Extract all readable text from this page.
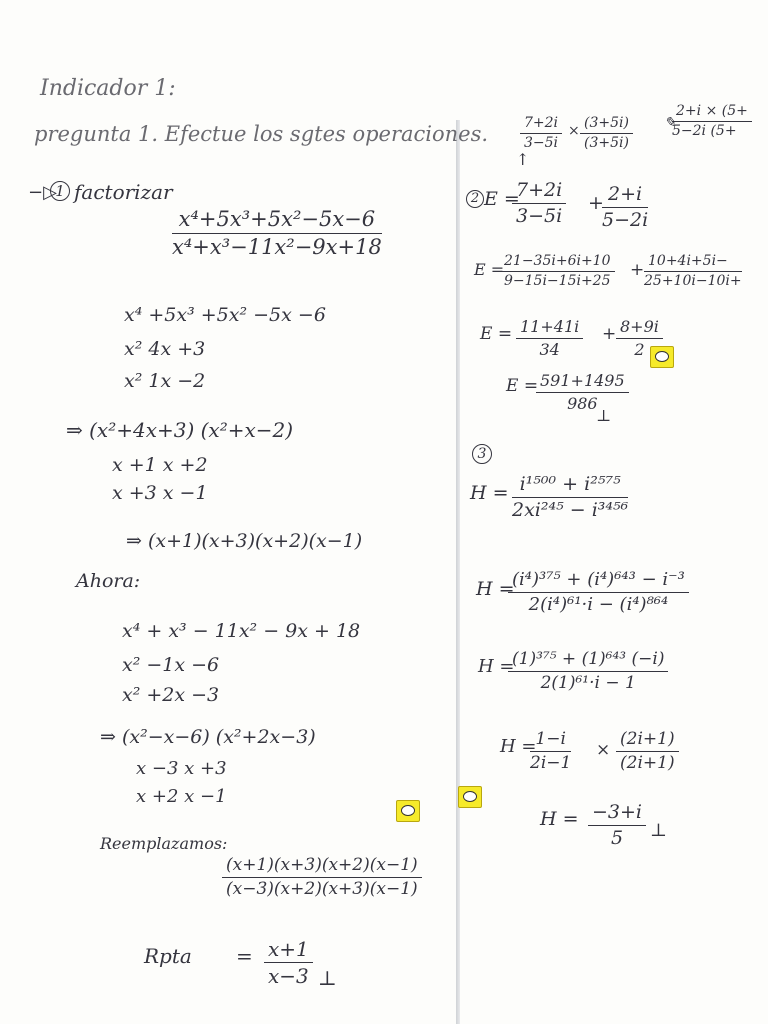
Indicador 1:
pregunta 1. Efectue los sgtes operaciones.
−▷
1 factorizar
$\frac{\text{x⁴+5x³+5x²−5x−6}}{\text{x⁴+x³−11x²−9x+18}}$
x⁴ +5x³ +5x² −5x −6
x² 4x +3
x² 1x −2
⇒ (x²+4x+3) (x²+x−2)
x +1 x +2
x +3 x −1
⇒ (x+1)(x+3)(x+2)(x−1)
Ahora:
x⁴ + x³ − 11x² − 9x + 18
x² −1x −6
x² +2x −3
⇒ (x²−x−6) (x²+2x−3)
x −3 x +3
x +2 x −1
Reemplazamos:
$\frac{(x+1)(x+3)(x+2)(x-1)}{(x-3)(x+2)(x+3)(x-1)}$
Rpta = $\frac{x+1}{x-3}$ ⊥
$\frac{7+2i}{3-5i} \times \frac{(3+5i)}{(3+5i)}$	$\frac{2+i \times (5+}{5-2i (5+}$
↑
✎
2 E =
$\frac{7+2i}{3-5i}$ +
$\frac{2+i}{5-2i}$
E =
$\frac{21-35i+6i+10}{9-15i-15i+25} + \frac{10+4i+5i-}{25+10i-10i+}$
$E = \frac{11+41i}{34} + \frac{8+9i}{2}$
E =
$\frac{591+1495}{986}$
⊥
3
$H = \frac{\text{i¹⁵⁰⁰ + i²⁵⁷⁵}}{\text{2xi²⁴⁵ − i³⁴⁵⁶}}$
H =
$\frac{\text{(i⁴)³⁷⁵ + (i⁴)⁶⁴³ − i⁻³}}{\text{2(i⁴)⁶¹·i − (i⁴)⁸⁶⁴}}$
H =
$\frac{\text{(1)³⁷⁵ + (1)⁶⁴³ (−i)}}{\text{2(1)⁶¹·i − 1}}$
H =
$\frac{1-i}{2i-1} \times \frac{(2i+1)}{(2i+1)}$
$H = \frac{-3+i}{5}$ ⊥
